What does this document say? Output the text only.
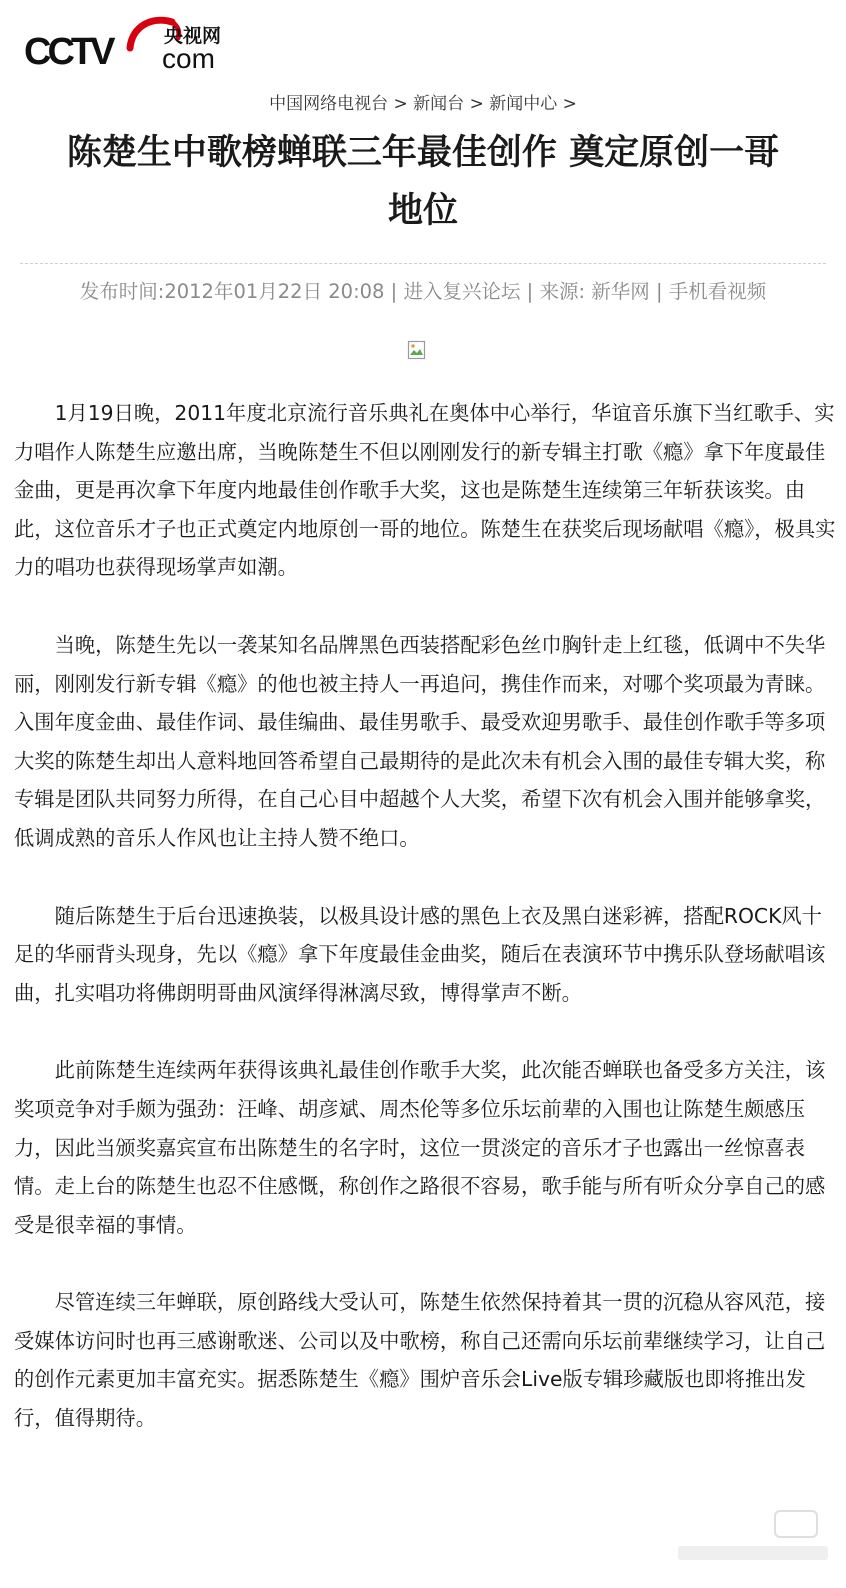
CCTV	央视网
com
中国网络电视台 > 新闻台 > 新闻中心 >
陈楚生中歌榜蝉联三年最佳创作 奠定原创一哥
地位
发布时间:2012年01月22日 20:08 | 进入复兴论坛 | 来源: 新华网 | 手机看视频

1月19日晚，2011年度北京流行音乐典礼在奥体中心举行，华谊音乐旗下当红歌手、实力唱作人陈楚生应邀出席，当晚陈楚生不但以刚刚发行的新专辑主打歌《瘾》拿下年度最佳金曲，更是再次拿下年度内地最佳创作歌手大奖，这也是陈楚生连续第三年斩获该奖。由此，这位音乐才子也正式奠定内地原创一哥的地位。陈楚生在获奖后现场献唱《瘾》，极具实力的唱功也获得现场掌声如潮。

当晚，陈楚生先以一袭某知名品牌黑色西装搭配彩色丝巾胸针走上红毯，低调中不失华丽，刚刚发行新专辑《瘾》的他也被主持人一再追问，携佳作而来，对哪个奖项最为青睐。入围年度金曲、最佳作词、最佳编曲、最佳男歌手、最受欢迎男歌手、最佳创作歌手等多项大奖的陈楚生却出人意料地回答希望自己最期待的是此次未有机会入围的最佳专辑大奖，称专辑是团队共同努力所得，在自己心目中超越个人大奖，希望下次有机会入围并能够拿奖，低调成熟的音乐人作风也让主持人赞不绝口。

随后陈楚生于后台迅速换装，以极具设计感的黑色上衣及黑白迷彩裤，搭配ROCK风十足的华丽背头现身，先以《瘾》拿下年度最佳金曲奖，随后在表演环节中携乐队登场献唱该曲，扎实唱功将佛朗明哥曲风演绎得淋漓尽致，博得掌声不断。

此前陈楚生连续两年获得该典礼最佳创作歌手大奖，此次能否蝉联也备受多方关注，该奖项竞争对手颇为强劲：汪峰、胡彦斌、周杰伦等多位乐坛前辈的入围也让陈楚生颇感压力，因此当颁奖嘉宾宣布出陈楚生的名字时，这位一贯淡定的音乐才子也露出一丝惊喜表情。走上台的陈楚生也忍不住感慨，称创作之路很不容易，歌手能与所有听众分享自己的感受是很幸福的事情。

尽管连续三年蝉联，原创路线大受认可，陈楚生依然保持着其一贯的沉稳从容风范，接受媒体访问时也再三感谢歌迷、公司以及中歌榜，称自己还需向乐坛前辈继续学习，让自己的创作元素更加丰富充实。据悉陈楚生《瘾》围炉音乐会Live版专辑珍藏版也即将推出发行，值得期待。
